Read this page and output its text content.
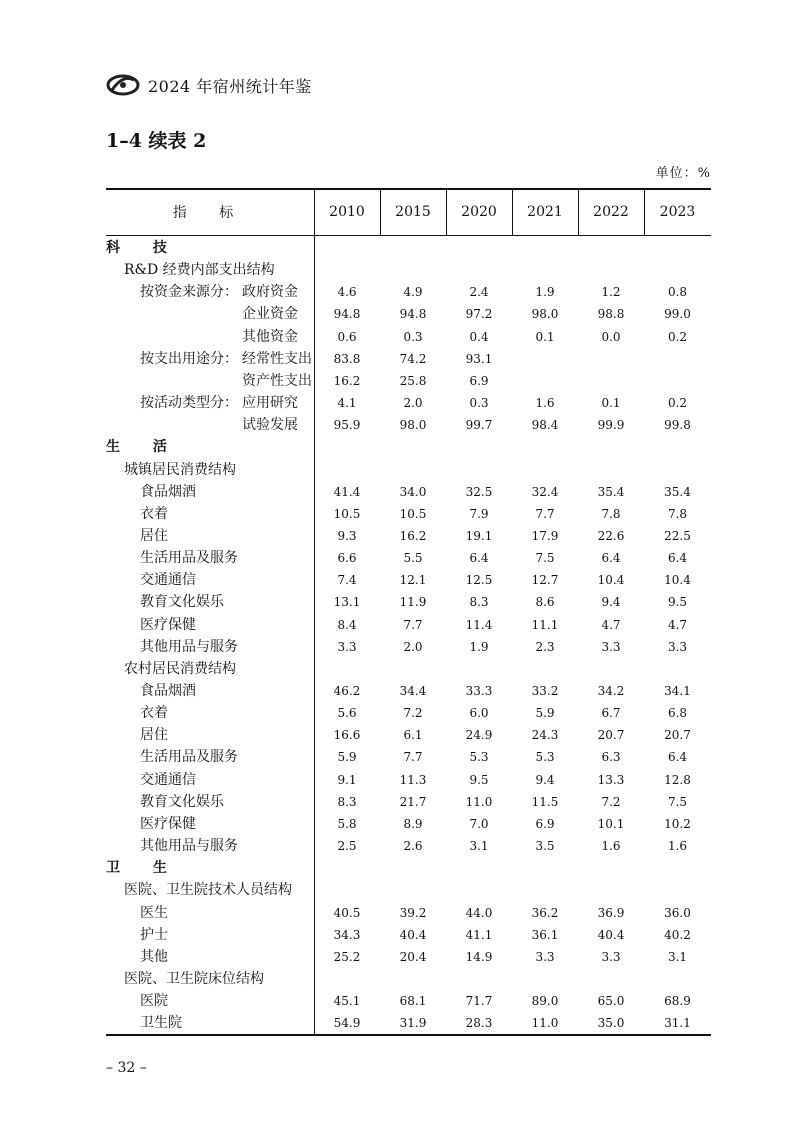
2024 年宿州统计年鉴
1–4 续表 2
单位：%
指 标	2010	2015	2020	2021	2022	2023
科 技
R&D 经费内部支出结构
按资金来源分： 政府资金	4.6	4.9	2.4	1.9	1.2	0.8
企业资金	94.8	94.8	97.2	98.0	98.8	99.0
其他资金	0.6	0.3	0.4	0.1	0.0	0.2
按支出用途分： 经常性支出	83.8	74.2	93.1
资产性支出	16.2	25.8	6.9
按活动类型分： 应用研究	4.1	2.0	0.3	1.6	0.1	0.2
试验发展	95.9	98.0	99.7	98.4	99.9	99.8
生 活
城镇居民消费结构
食品烟酒	41.4	34.0	32.5	32.4	35.4	35.4
衣着	10.5	10.5	7.9	7.7	7.8	7.8
居住	9.3	16.2	19.1	17.9	22.6	22.5
生活用品及服务	6.6	5.5	6.4	7.5	6.4	6.4
交通通信	7.4	12.1	12.5	12.7	10.4	10.4
教育文化娱乐	13.1	11.9	8.3	8.6	9.4	9.5
医疗保健	8.4	7.7	11.4	11.1	4.7	4.7
其他用品与服务	3.3	2.0	1.9	2.3	3.3	3.3
农村居民消费结构
食品烟酒	46.2	34.4	33.3	33.2	34.2	34.1
衣着	5.6	7.2	6.0	5.9	6.7	6.8
居住	16.6	6.1	24.9	24.3	20.7	20.7
生活用品及服务	5.9	7.7	5.3	5.3	6.3	6.4
交通通信	9.1	11.3	9.5	9.4	13.3	12.8
教育文化娱乐	8.3	21.7	11.0	11.5	7.2	7.5
医疗保健	5.8	8.9	7.0	6.9	10.1	10.2
其他用品与服务	2.5	2.6	3.1	3.5	1.6	1.6
卫 生
医院、卫生院技术人员结构
医生	40.5	39.2	44.0	36.2	36.9	36.0
护士	34.3	40.4	41.1	36.1	40.4	40.2
其他	25.2	20.4	14.9	3.3	3.3	3.1
医院、卫生院床位结构
医院	45.1	68.1	71.7	89.0	65.0	68.9
卫生院	54.9	31.9	28.3	11.0	35.0	31.1
– 32 –
